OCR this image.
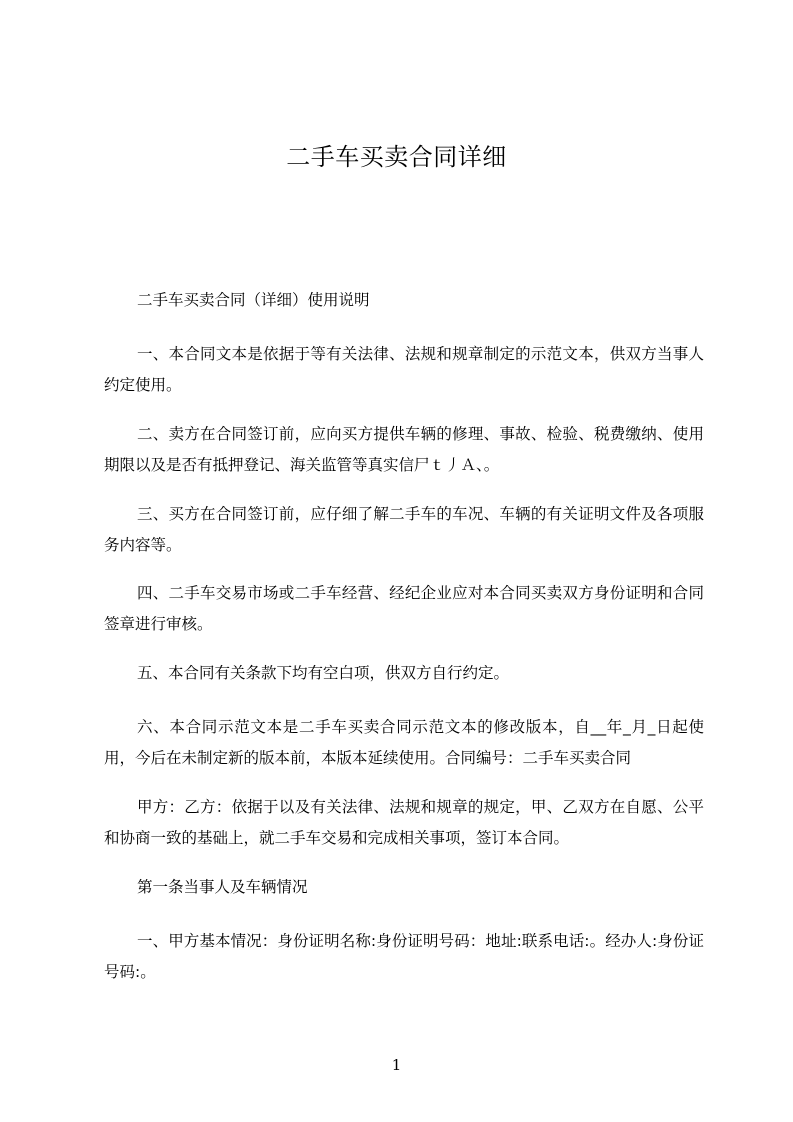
二手车买卖合同详细
二手车买卖合同（详细）使用说明
一、本合同文本是依据于等有关法律、法规和规章制定的示范文本，供双方当事人约定使用。
二、卖方在合同签订前，应向买方提供车辆的修理、事故、检验、税费缴纳、使用期限以及是否有抵押登记、海关监管等真实信尸ｔ丿Ａ、。
三、买方在合同签订前，应仔细了解二手车的车况、车辆的有关证明文件及各项服务内容等。
四、二手车交易市场或二手车经营、经纪企业应对本合同买卖双方身份证明和合同签章进行审核。
五、本合同有关条款下均有空白项，供双方自行约定。
六、本合同示范文本是二手车买卖合同示范文本的修改版本，自__年_月_日起使用，今后在未制定新的版本前，本版本延续使用。合同编号：二手车买卖合同
甲方：乙方：依据于以及有关法律、法规和规章的规定，甲、乙双方在自愿、公平和协商一致的基础上，就二手车交易和完成相关事项，签订本合同。
第一条当事人及车辆情况
一、甲方基本情况：身份证明名称:身份证明号码：地址:联系电话:。经办人:身份证号码:。
1
